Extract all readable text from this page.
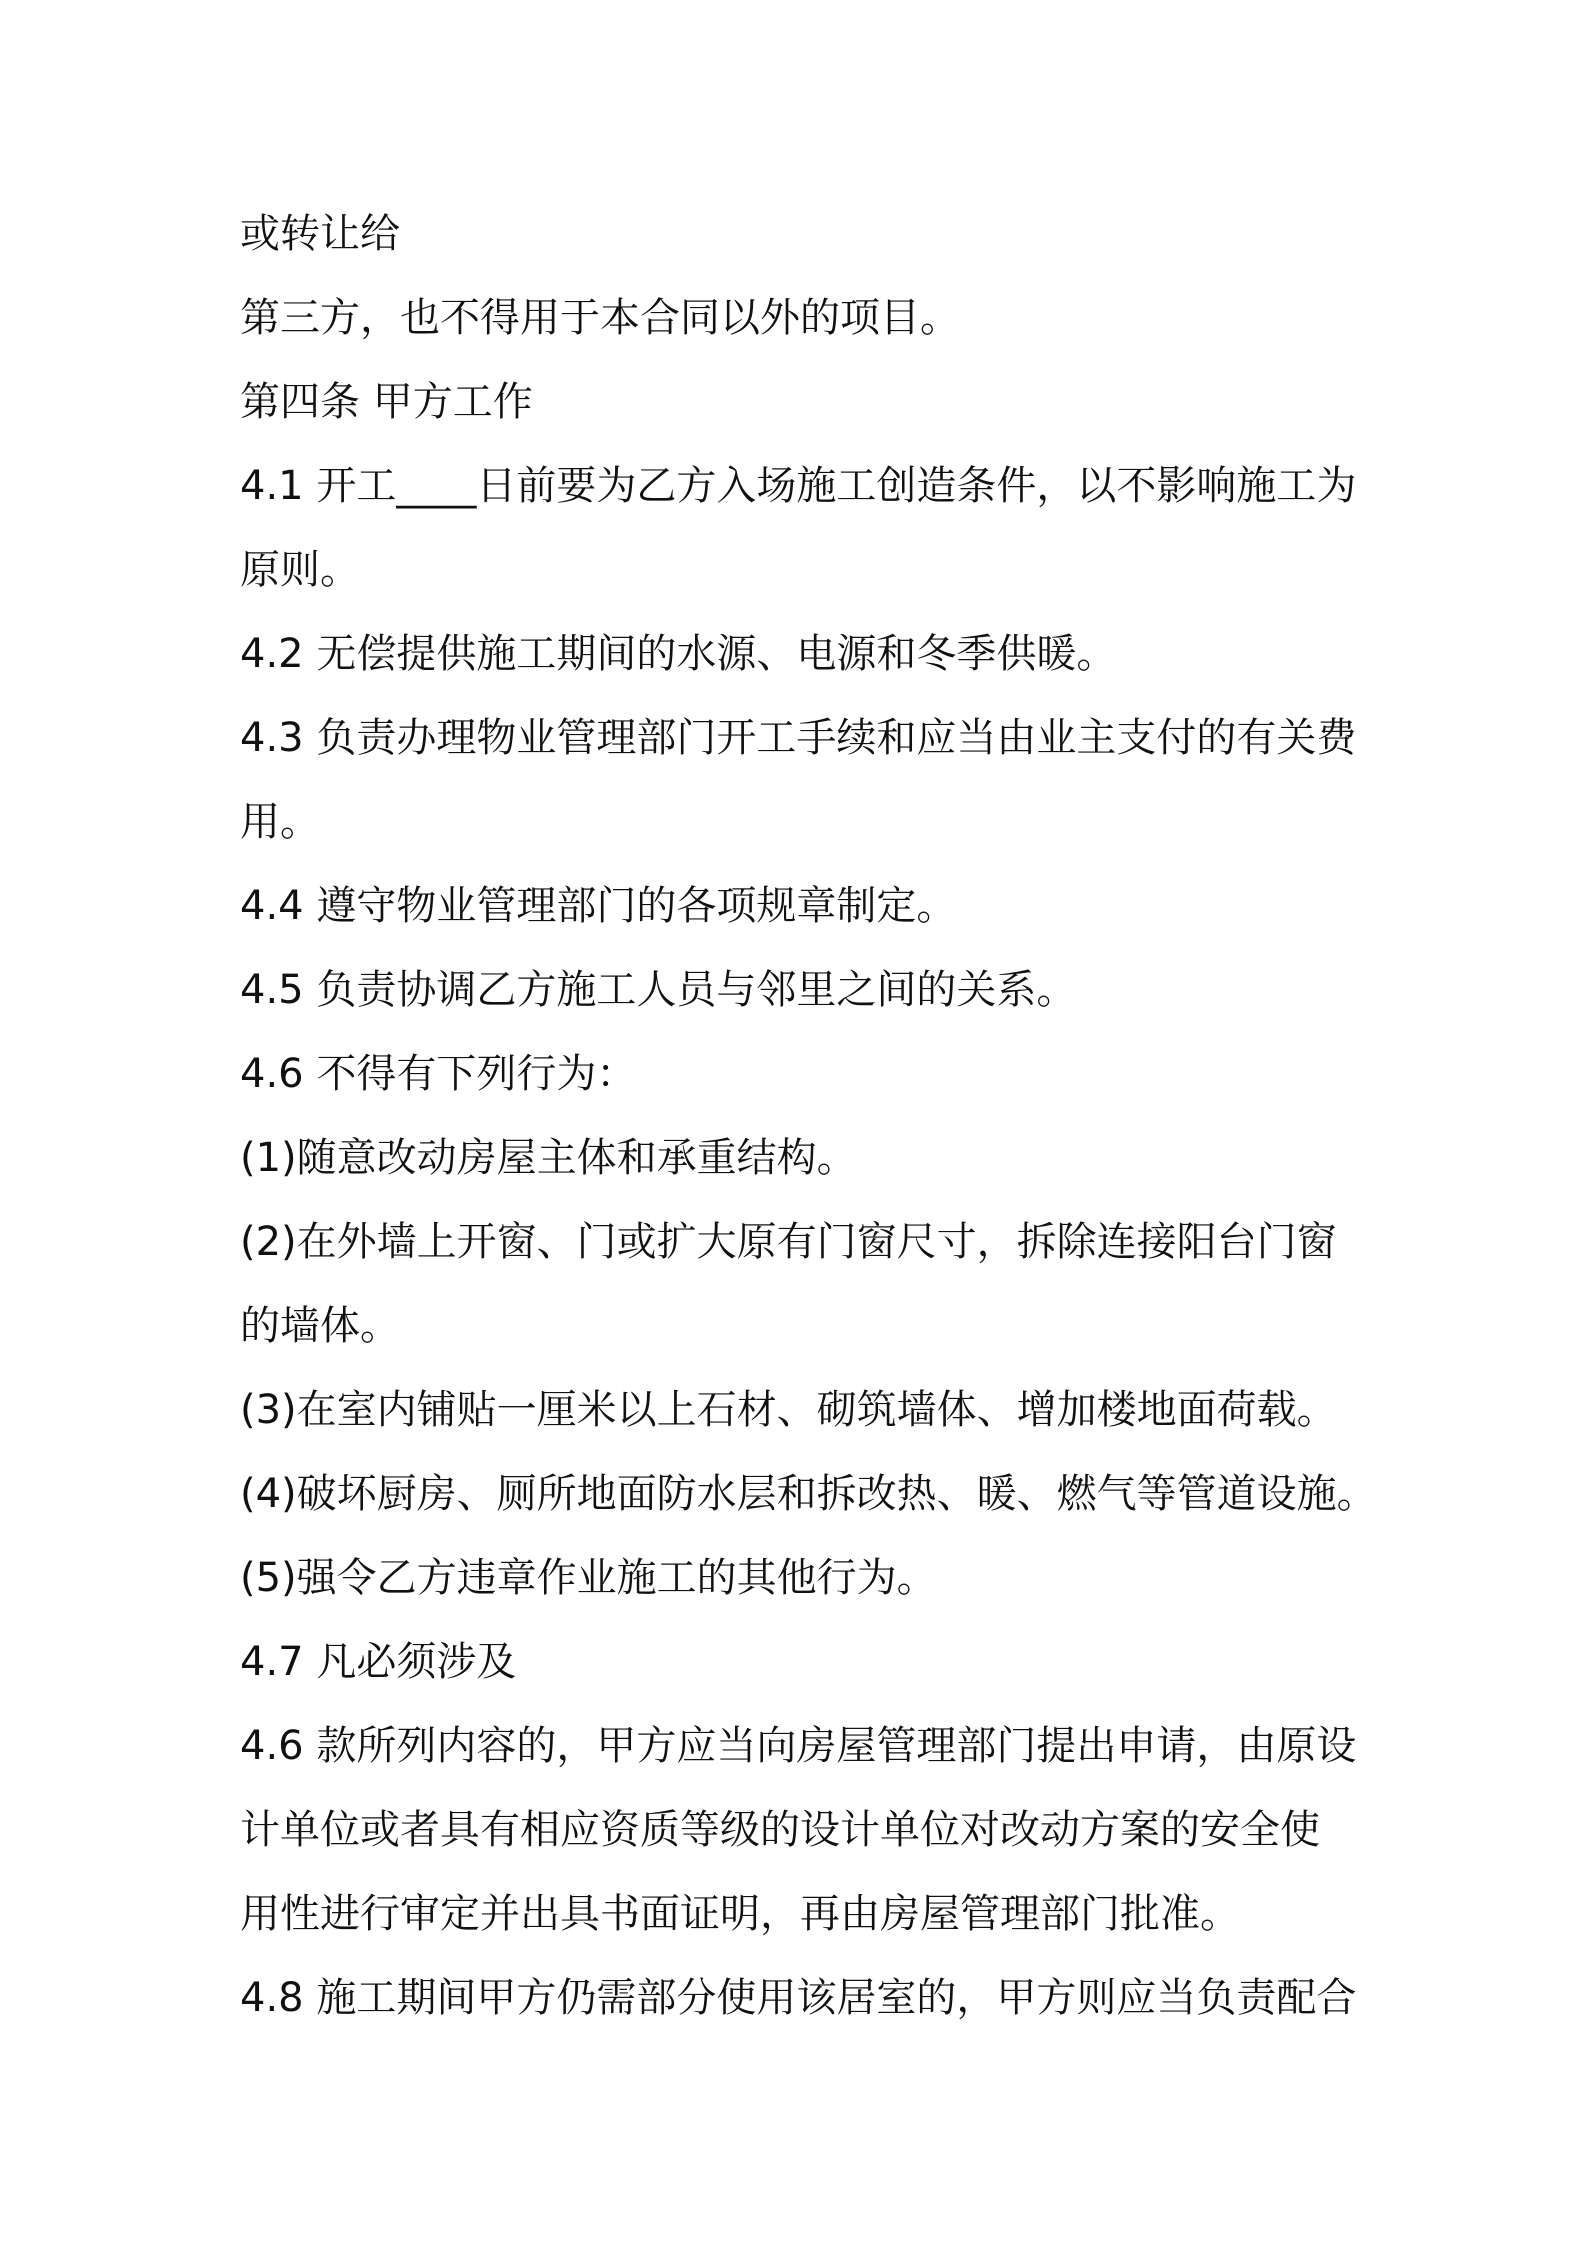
或转让给
第三方，也不得用于本合同以外的项目。
第四条 甲方工作
4.1 开工____日前要为乙方入场施工创造条件，以不影响施工为
原则。
4.2 无偿提供施工期间的水源、电源和冬季供暖。
4.3 负责办理物业管理部门开工手续和应当由业主支付的有关费
用。
4.4 遵守物业管理部门的各项规章制定。
4.5 负责协调乙方施工人员与邻里之间的关系。
4.6 不得有下列行为：
(1)随意改动房屋主体和承重结构。
(2)在外墙上开窗、门或扩大原有门窗尺寸，拆除连接阳台门窗
的墙体。
(3)在室内铺贴一厘米以上石材、砌筑墙体、增加楼地面荷载。
(4)破坏厨房、厕所地面防水层和拆改热、暖、燃气等管道设施。
(5)强令乙方违章作业施工的其他行为。
4.7 凡必须涉及
4.6 款所列内容的，甲方应当向房屋管理部门提出申请，由原设
计单位或者具有相应资质等级的设计单位对改动方案的安全使
用性进行审定并出具书面证明，再由房屋管理部门批准。
4.8 施工期间甲方仍需部分使用该居室的，甲方则应当负责配合
